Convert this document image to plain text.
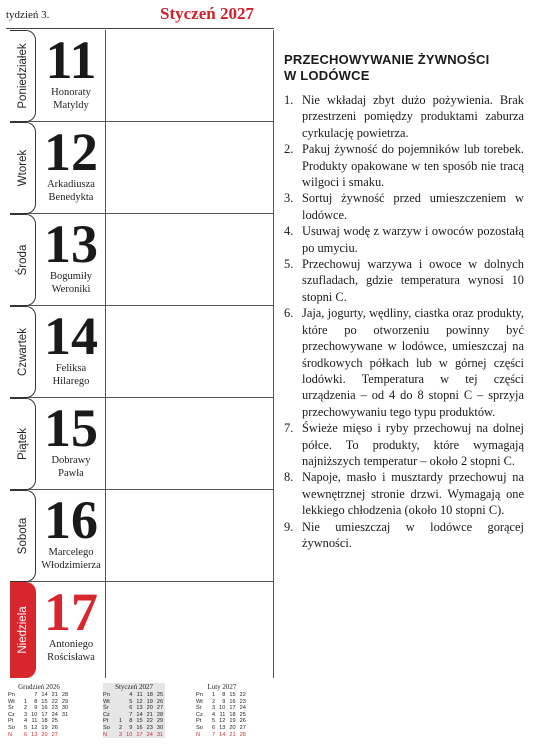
tydzień 3.	Styczeń 2027
Poniedziałek 11
Honoraty
Matyldy
Wtorek 12
Arkadiusza
Benedykta
Środa 13
Bogumiły
Weroniki
Czwartek 14
Feliksa
Hilarego
Piątek 15
Dobrawy
Pawła
Sobota 16
Marcelego
Włodzimierza
Niedziela 17
Antoniego
Rościsława
PRZECHOWYWANIE ŻYWNOŚCI
W LODÓWCE
1. Nie wkładaj zbyt dużo pożywienia. Brak przestrzeni pomiędzy produktami zaburza cyrkulację powietrza.
2. Pakuj żywność do pojemników lub torebek. Produkty opakowane w ten sposób nie tracą wilgoci i smaku.
3. Sortuj żywność przed umieszczeniem w lodówce.
4. Usuwaj wodę z warzyw i owoców pozostałą po umyciu.
5. Przechowuj warzywa i owoce w dolnych szufladach, gdzie temperatura wynosi 10 stopni C.
6. Jaja, jogurty, wędliny, ciastka oraz produkty, które po otworzeniu powinny być przechowywane w lodówce, umieszczaj na środkowych półkach lub w górnej części lodówki. Temperatura w tej części urządzenia – od 4 do 8 stopni C – sprzyja przechowywaniu tego typu produktów.
7. Świeże mięso i ryby przechowuj na dolnej półce. To produkty, które wymagają najniższych temperatur – około 2 stopni C.
8. Napoje, masło i musztardy przechowuj na wewnętrznej stronie drzwi. Wymagają one lekkiego chłodzenia (około 10 stopni C).
9. Nie umieszczaj w lodówce gorącej żywności.
Grudzień 2026
Pn		7	14	21	28
Wt	1	8	15	22	29
Śr	2	9	16	23	30
Cz	3	10	17	24	31
Pt	4	11	18	25	
So	5	12	19	26	
N	6	13	20	27	
Styczeń 2027
Pn		4	11	18	25
Wt		5	12	19	26
Śr		6	13	20	27
Cz		7	14	21	28
Pt	1	8	15	22	29
So	2	9	16	23	30
N	3	10	17	24	31
Luty 2027
Pn	1	8	15	22
Wt	2	9	16	23
Śr	3	10	17	24
Cz	4	11	18	25
Pt	5	12	19	26
So	6	13	20	27
N	7	14	21	28
